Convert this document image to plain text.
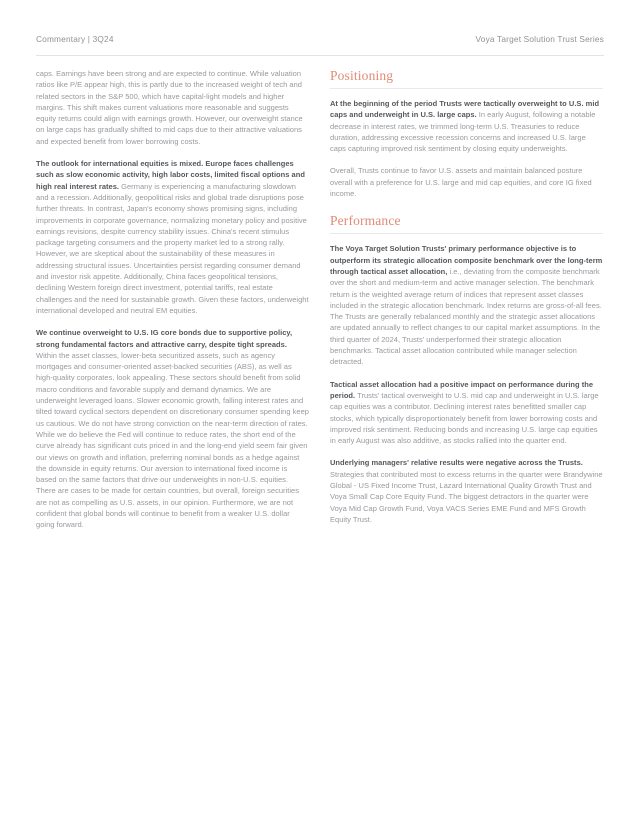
Commentary | 3Q24	Voya Target Solution Trust Series

caps. Earnings have been strong and are expected to continue. While valuation ratios like P/E appear high, this is partly due to the increased weight of tech and related sectors in the S&P 500, which have capital-light models and higher margins. This shift makes current valuations more reasonable and suggests equity returns could align with earnings growth. However, our overweight stance on large caps has gradually shifted to mid caps due to their attractive valuations and expected benefit from lower borrowing costs.

The outlook for international equities is mixed. Europe faces challenges such as slow economic activity, high labor costs, limited fiscal options and high real interest rates. Germany is experiencing a manufacturing slowdown and a recession. Additionally, geopolitical risks and global trade disruptions pose further threats. In contrast, Japan's economy shows promising signs, including improvements in corporate governance, normalizing monetary policy and positive earnings revisions, despite currency stability issues. China's recent stimulus package targeting consumers and the property market led to a strong rally. However, we are skeptical about the sustainability of these measures in addressing structural issues. Uncertainties persist regarding consumer demand and investor risk appetite. Additionally, China faces geopolitical tensions, declining Western foreign direct investment, potential tariffs, real estate challenges and the need for sustainable growth. Given these factors, underweight international developed and neutral EM equities.

We continue overweight to U.S. IG core bonds due to supportive policy, strong fundamental factors and attractive carry, despite tight spreads. Within the asset classes, lower-beta securitized assets, such as agency mortgages and consumer-oriented asset-backed securities (ABS), as well as high-quality corporates, look appealing. These sectors should benefit from solid macro conditions and favorable supply and demand dynamics. We are underweight leveraged loans. Slower economic growth, falling interest rates and tilted toward cyclical sectors dependent on discretionary consumer spending keep us cautious. We do not have strong conviction on the near-term direction of rates. While we do believe the Fed will continue to reduce rates, the short end of the curve already has significant cuts priced in and the long-end yield seem fair given our views on growth and inflation, preferring nominal bonds as a hedge against the downside in equity returns. Our aversion to international fixed income is based on the same factors that drive our underweights in non-U.S. equities. There are cases to be made for certain countries, but overall, foreign securities are not as compelling as U.S. assets, in our opinion. Furthermore, we are not confident that global bonds will continue to benefit from a weaker U.S. dollar going forward.

Positioning

At the beginning of the period Trusts were tactically overweight to U.S. mid caps and underweight in U.S. large caps. In early August, following a notable decrease in interest rates, we trimmed long-term U.S. Treasuries to reduce duration, addressing excessive recession concerns and increased U.S. large caps capturing improved risk sentiment by closing equity underweights.

Overall, Trusts continue to favor U.S. assets and maintain balanced posture overall with a preference for U.S. large and mid cap equities, and core IG fixed income.

Performance

The Voya Target Solution Trusts' primary performance objective is to outperform its strategic allocation composite benchmark over the long-term through tactical asset allocation, i.e., deviating from the composite benchmark over the short and medium-term and active manager selection. The benchmark return is the weighted average return of indices that represent asset classes included in the strategic allocation benchmark. Index returns are gross-of-all fees. The Trusts are generally rebalanced monthly and the strategic asset allocations are updated annually to reflect changes to our capital market assumptions. In the third quarter of 2024, Trusts' underperformed their strategic allocation benchmarks. Tactical asset allocation contributed while manager selection detracted.

Tactical asset allocation had a positive impact on performance during the period. Trusts' tactical overweight to U.S. mid cap and underweight in U.S. large cap equities was a contributor. Declining interest rates benefitted smaller cap stocks, which typically disproportionately benefit from lower borrowing costs and improved risk sentiment. Reducing bonds and increasing U.S. large cap equities in early August was also additive, as stocks rallied into the quarter end.

Underlying managers' relative results were negative across the Trusts. Strategies that contributed most to excess returns in the quarter were Brandywine Global - US Fixed Income Trust, Lazard International Quality Growth Trust and Voya Small Cap Core Equity Fund. The biggest detractors in the quarter were Voya Mid Cap Growth Fund, Voya VACS Series EME Fund and MFS Growth Equity Trust.
